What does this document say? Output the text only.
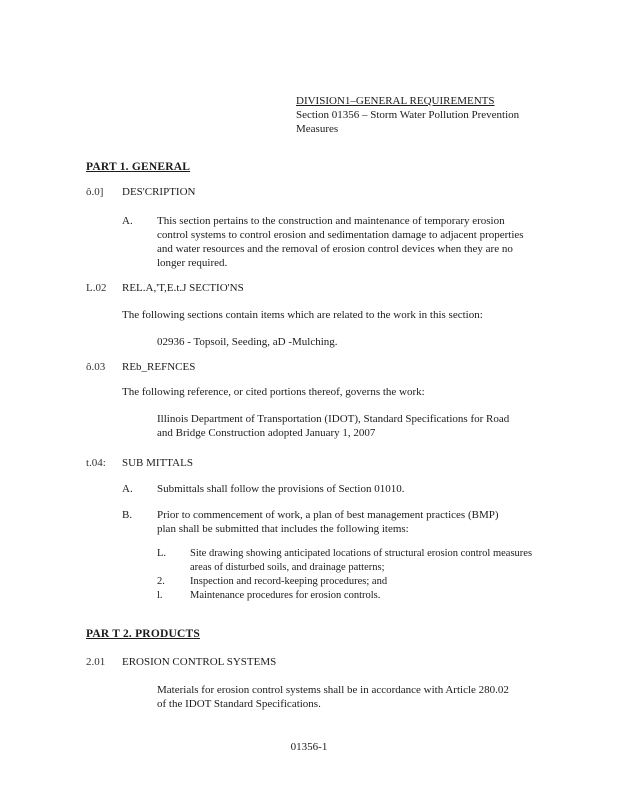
DIVISION1–GENERAL REQUIREMENTS
Section 01356 – Storm Water Pollution Prevention
Measures
PART 1. GENERAL
ô.0] DES'CRIPTION
A. This section pertains to the construction and maintenance of temporary erosion
control systems to control erosion and sedimentation damage to adjacent properties
and water resources and the removal of erosion control devices when they are no
longer required.
L.02 REL.A,'T,E.t.J SECTIO'NS
The following sections contain items which are related to the work in this section:
02936 - Topsoil, Seeding, aD -Mulching.
ô.03 REb_REFNCES
The following reference, or cited portions thereof, governs the work:
Illinois Department of Transportation (IDOT), Standard Specifications for Road
and Bridge Construction adopted January 1, 2007
t.04: SUB MITTALS
A. Submittals shall follow the provisions of Section 01010.
B. Prior to commencement of work, a plan of best management practices (BMP)
plan shall be submitted that includes the following items:
L. Site drawing showing anticipated locations of structural erosion control measures
areas of disturbed soils, and drainage patterns;
2. Inspection and record-keeping procedures; and
l.	Maintenance procedures for erosion controls.
PAR T 2. PRODUCTS
2.01 EROSION CONTROL SYSTEMS
Materials for erosion control systems shall be in accordance with Article 280.02
of the IDOT Standard Specifications.
01356-1
